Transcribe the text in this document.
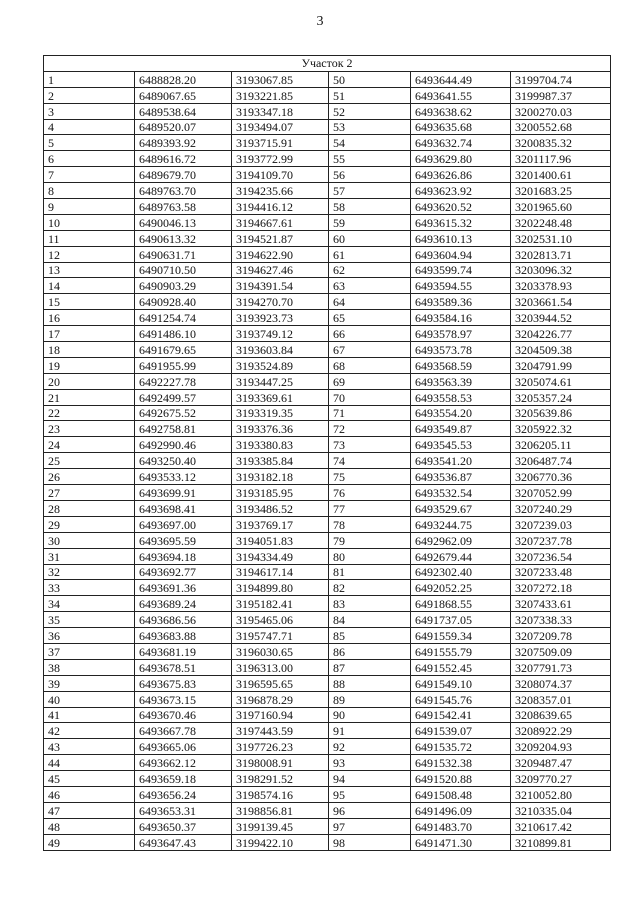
3
Участок 2					
1	6488828.20	3193067.85	50	6493644.49	3199704.74
2	6489067.65	3193221.85	51	6493641.55	3199987.37
3	6489538.64	3193347.18	52	6493638.62	3200270.03
4	6489520.07	3193494.07	53	6493635.68	3200552.68
5	6489393.92	3193715.91	54	6493632.74	3200835.32
6	6489616.72	3193772.99	55	6493629.80	3201117.96
7	6489679.70	3194109.70	56	6493626.86	3201400.61
8	6489763.70	3194235.66	57	6493623.92	3201683.25
9	6489763.58	3194416.12	58	6493620.52	3201965.60
10	6490046.13	3194667.61	59	6493615.32	3202248.48
11	6490613.32	3194521.87	60	6493610.13	3202531.10
12	6490631.71	3194622.90	61	6493604.94	3202813.71
13	6490710.50	3194627.46	62	6493599.74	3203096.32
14	6490903.29	3194391.54	63	6493594.55	3203378.93
15	6490928.40	3194270.70	64	6493589.36	3203661.54
16	6491254.74	3193923.73	65	6493584.16	3203944.52
17	6491486.10	3193749.12	66	6493578.97	3204226.77
18	6491679.65	3193603.84	67	6493573.78	3204509.38
19	6491955.99	3193524.89	68	6493568.59	3204791.99
20	6492227.78	3193447.25	69	6493563.39	3205074.61
21	6492499.57	3193369.61	70	6493558.53	3205357.24
22	6492675.52	3193319.35	71	6493554.20	3205639.86
23	6492758.81	3193376.36	72	6493549.87	3205922.32
24	6492990.46	3193380.83	73	6493545.53	3206205.11
25	6493250.40	3193385.84	74	6493541.20	3206487.74
26	6493533.12	3193182.18	75	6493536.87	3206770.36
27	6493699.91	3193185.95	76	6493532.54	3207052.99
28	6493698.41	3193486.52	77	6493529.67	3207240.29
29	6493697.00	3193769.17	78	6493244.75	3207239.03
30	6493695.59	3194051.83	79	6492962.09	3207237.78
31	6493694.18	3194334.49	80	6492679.44	3207236.54
32	6493692.77	3194617.14	81	6492302.40	3207233.48
33	6493691.36	3194899.80	82	6492052.25	3207272.18
34	6493689.24	3195182.41	83	6491868.55	3207433.61
35	6493686.56	3195465.06	84	6491737.05	3207338.33
36	6493683.88	3195747.71	85	6491559.34	3207209.78
37	6493681.19	3196030.65	86	6491555.79	3207509.09
38	6493678.51	3196313.00	87	6491552.45	3207791.73
39	6493675.83	3196595.65	88	6491549.10	3208074.37
40	6493673.15	3196878.29	89	6491545.76	3208357.01
41	6493670.46	3197160.94	90	6491542.41	3208639.65
42	6493667.78	3197443.59	91	6491539.07	3208922.29
43	6493665.06	3197726.23	92	6491535.72	3209204.93
44	6493662.12	3198008.91	93	6491532.38	3209487.47
45	6493659.18	3198291.52	94	6491520.88	3209770.27
46	6493656.24	3198574.16	95	6491508.48	3210052.80
47	6493653.31	3198856.81	96	6491496.09	3210335.04
48	6493650.37	3199139.45	97	6491483.70	3210617.42
49	6493647.43	3199422.10	98	6491471.30	3210899.81
